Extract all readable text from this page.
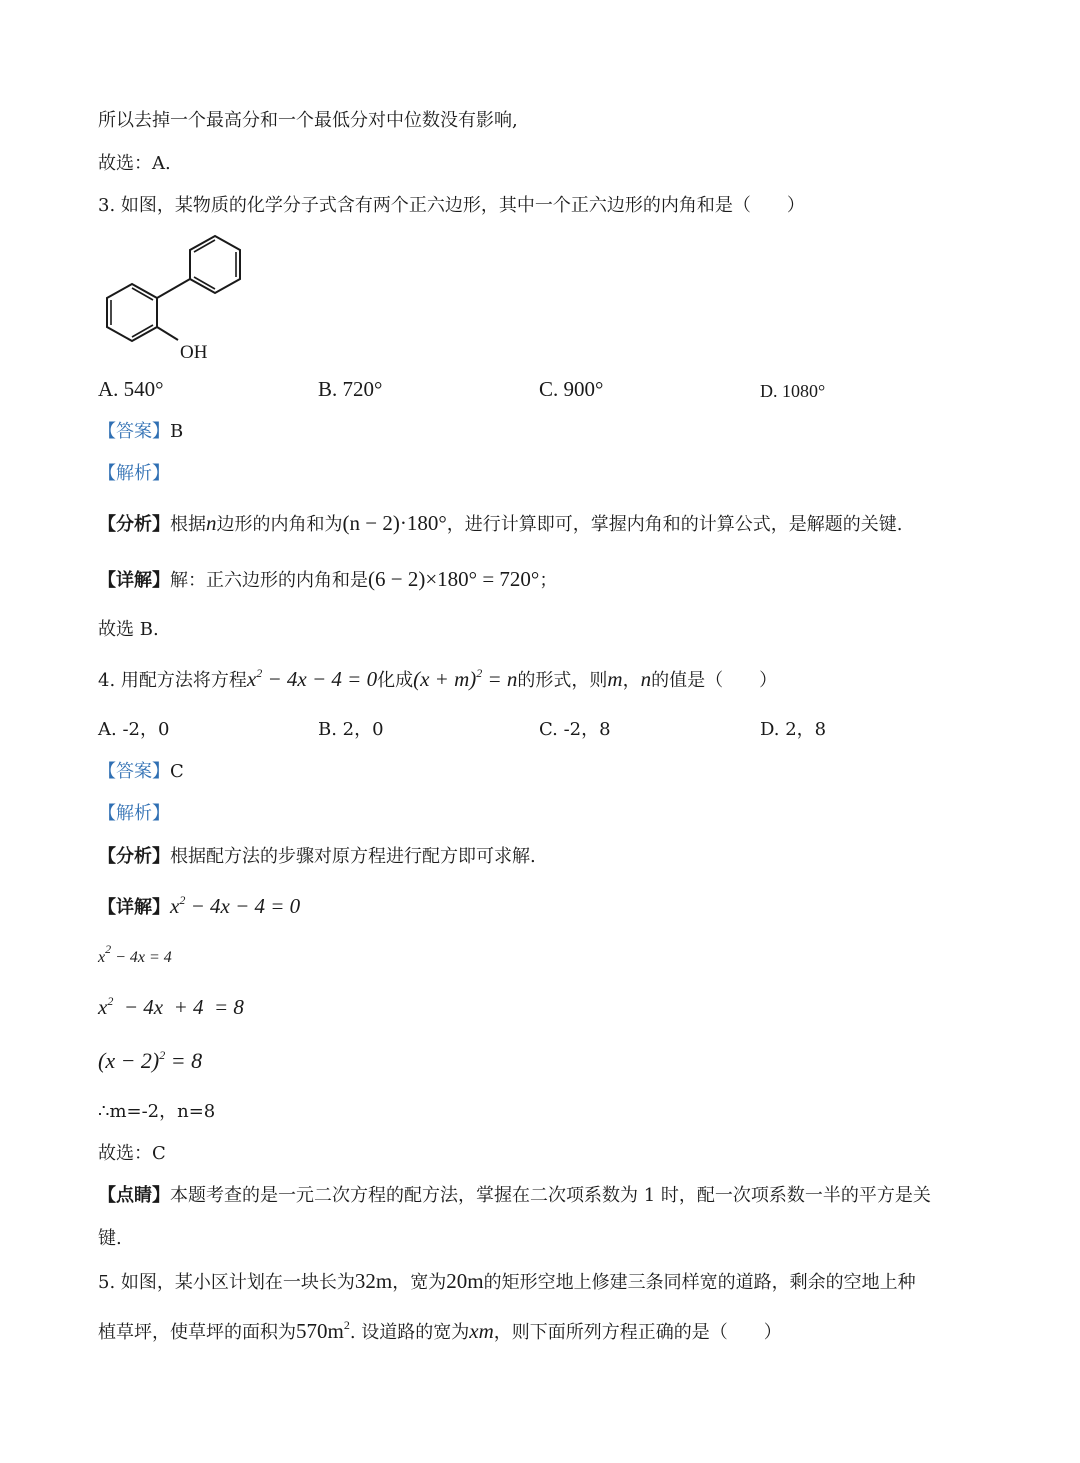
所以去掉一个最高分和一个最低分对中位数没有影响,
故选：A.
3. 如图，某物质的化学分子式含有两个正六边形，其中一个正六边形的内角和是（　　）
OH
A. 540°	B. 720°	C. 900°	D. 1080°
【答案】B
【解析】
【分析】根据n边形的内角和为(n − 2)·180°，进行计算即可，掌握内角和的计算公式，是解题的关键.
【详解】解：正六边形的内角和是(6 − 2)×180° = 720°；
故选 B.
4. 用配方法将方程$x^2 - 4x - 4 = 0$化成$(x + m)^2 = n$的形式，则m，n的值是（　　）
A. -2，0	B. 2，0	C. -2，8	D. 2，8
【答案】C
【解析】
【分析】根据配方法的步骤对原方程进行配方即可求解.
【详解】$x^2 - 4x - 4 = 0$
$x^2 - 4x = 4$
$x^2 - 4x + 4 = 8$
$(x - 2)^2 = 8$
∴m=-2，n=8
故选：C
【点睛】本题考查的是一元二次方程的配方法，掌握在二次项系数为 1 时，配一次项系数一半的平方是关
键.
5. 如图，某小区计划在一块长为32m，宽为20m的矩形空地上修建三条同样宽的道路，剩余的空地上种
植草坪，使草坪的面积为$570m^2$. 设道路的宽为xm，则下面所列方程正确的是（　　）
